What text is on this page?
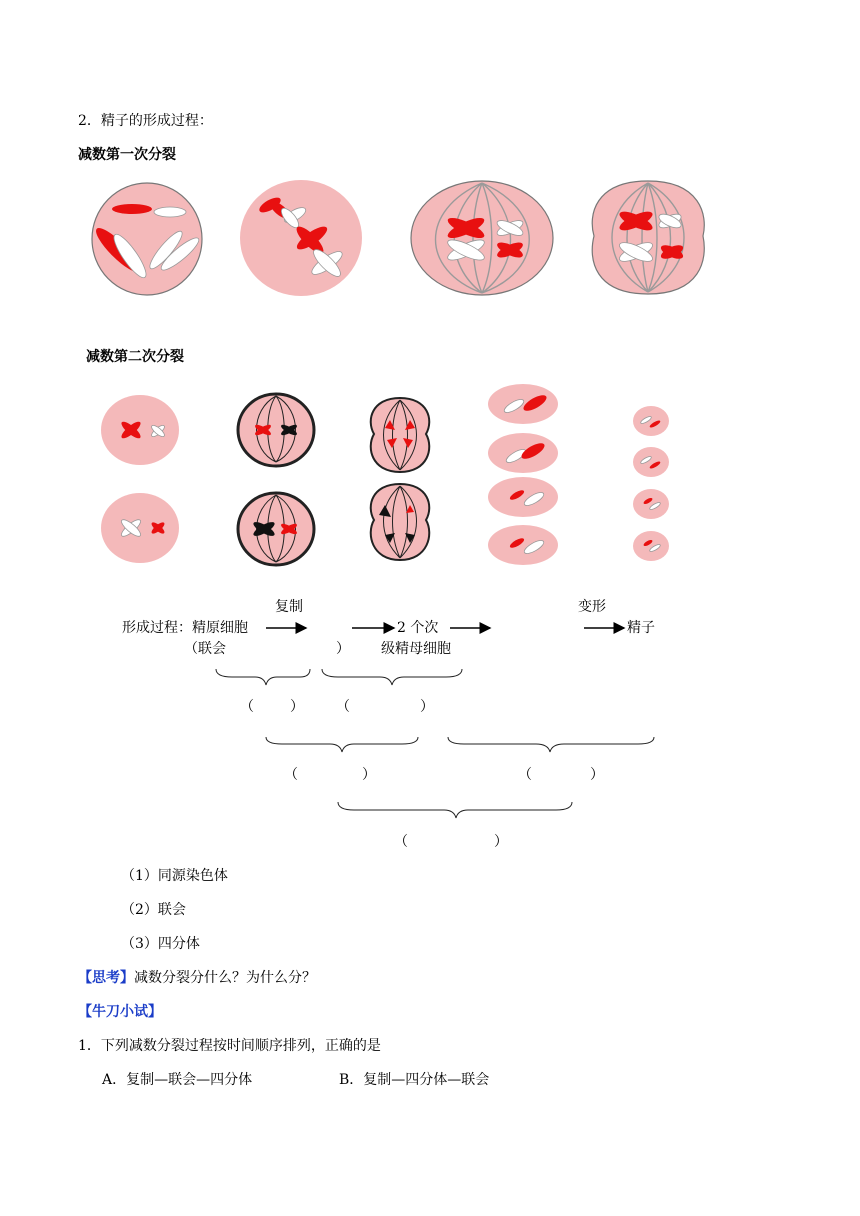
2．精子的形成过程：
减数第一次分裂
减数第二次分裂
复制	变形
形成过程：精原细胞	2 个次	精子
（联会	） 级精母细胞
（	） （	）
（	）	（	）
（	）
（1）同源染色体
（2）联会
（3）四分体
【思考】减数分裂分什么？为什么分？
【牛刀小试】
1．下列减数分裂过程按时间顺序排列，正确的是
A．复制—联会—四分体	B．复制—四分体—联会
